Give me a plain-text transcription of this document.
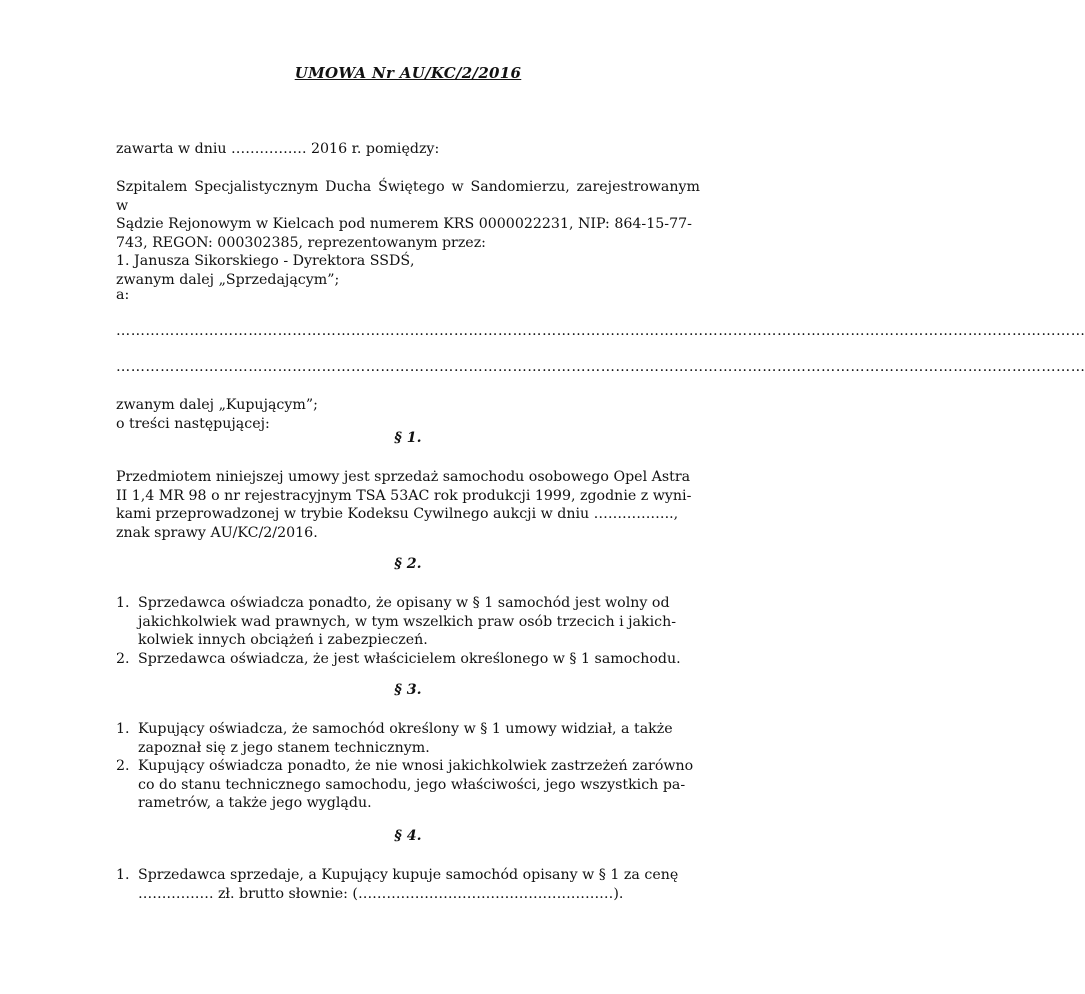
UMOWA Nr AU/KC/2/2016

zawarta w dniu ……………. 2016 r. pomiędzy:

Szpitalem Specjalistycznym Ducha Świętego w Sandomierzu, zarejestrowanym w
Sądzie Rejonowym w Kielcach pod numerem KRS 0000022231, NIP: 864-15-77-
743, REGON: 000302385, reprezentowanym przez:
1. Janusza Sikorskiego - Dyrektora SSDŚ,
zwanym dalej „Sprzedającym”;

a:

………………………………………………………………………………………………………………………………………………………………………………

………………………………………………………………………………………………………………………………………………………………………………

zwanym dalej „Kupującym”;
o treści następującej:
§ 1.
Przedmiotem niniejszej umowy jest sprzedaż samochodu osobowego Opel Astra
II 1,4 MR 98 o nr rejestracyjnym TSA 53AC rok produkcji 1999, zgodnie z wyni-
kami przeprowadzonej w trybie Kodeksu Cywilnego aukcji w dniu ……………..,
znak sprawy AU/KC/2/2016.
§ 2.
1. Sprzedawca oświadcza ponadto, że opisany w § 1 samochód jest wolny od
jakichkolwiek wad prawnych, w tym wszelkich praw osób trzecich i jakich-
kolwiek innych obciążeń i zabezpieczeń.
2. Sprzedawca oświadcza, że jest właścicielem określonego w § 1 samochodu.
§ 3.
1. Kupujący oświadcza, że samochód określony w § 1 umowy widział, a także
zapoznał się z jego stanem technicznym.
2. Kupujący oświadcza ponadto, że nie wnosi jakichkolwiek zastrzeżeń zarówno
co do stanu technicznego samochodu, jego właściwości, jego wszystkich pa-
rametrów, a także jego wyglądu.
§ 4.
1. Sprzedawca sprzedaje, a Kupujący kupuje samochód opisany w § 1 za cenę
……………. zł. brutto słownie: (………………………………………………).
